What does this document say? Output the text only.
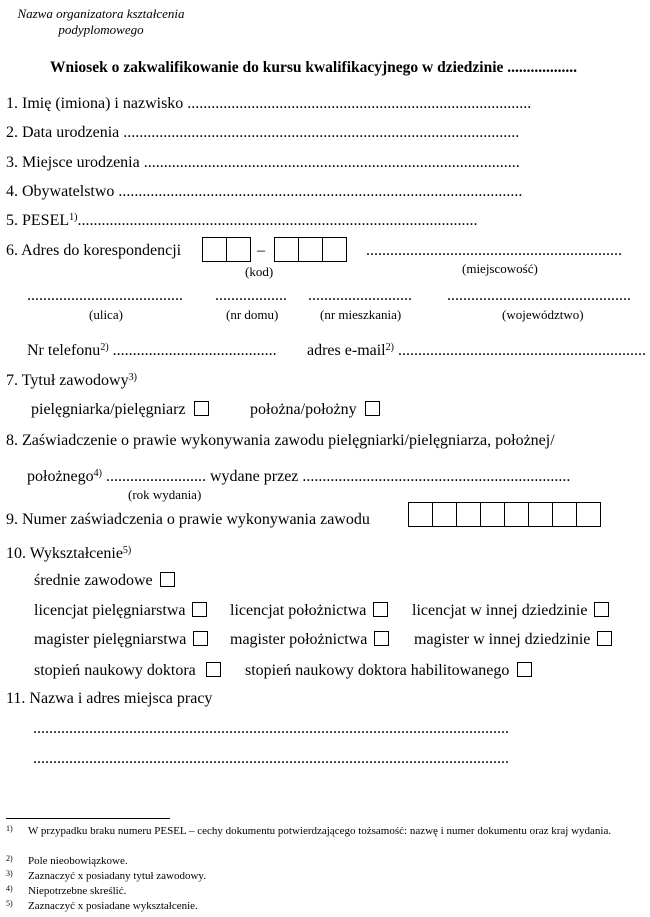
Nazwa organizatora kształcenia
podyplomowego
Wniosek o zakwalifikowanie do kursu kwalifikacyjnego w dziedzinie ..................
1. Imię (imiona) i nazwisko ......................................................................................
2. Data urodzenia ...................................................................................................
3. Miejsce urodzenia ..............................................................................................
4. Obywatelstwo .....................................................................................................
5. PESEL$^{1)}$....................................................................................................
6. Adres do korespondencji	–	................................................................
(kod)	(miejscowość)
....................................... .................. .......................... ..............................................
(ulica)	(nr domu)	(nr mieszkania)	(województwo)
Nr telefonu$^{2)}$ ......................................... adres e-mail$^{2)}$ ..............................................................
7. Tytuł zawodowy$^{3)}$
pielęgniarka/pielęgniarz	położna/położny
8. Zaświadczenie o prawie wykonywania zawodu pielęgniarki/pielęgniarza, położnej/
położnego$^{4)}$ ......................... wydane przez ...................................................................
(rok wydania)
9. Numer zaświadczenia o prawie wykonywania zawodu
10. Wykształcenie$^{5)}$
średnie zawodowe
licencjat pielęgniarstwa	licencjat położnictwa	licencjat w innej dziedzinie
magister pielęgniarstwa	magister położnictwa	magister w innej dziedzinie
stopień naukowy doktora	stopień naukowy doktora habilitowanego
11. Nazwa i adres miejsca pracy
.......................................................................................................................
.......................................................................................................................
1) W przypadku braku numeru PESEL – cechy dokumentu potwierdzającego tożsamość: nazwę i numer dokumentu oraz kraj wydania.
2) Pole nieobowiązkowe.
3) Zaznaczyć x posiadany tytuł zawodowy.
4) Niepotrzebne skreślić.
5) Zaznaczyć x posiadane wykształcenie.
